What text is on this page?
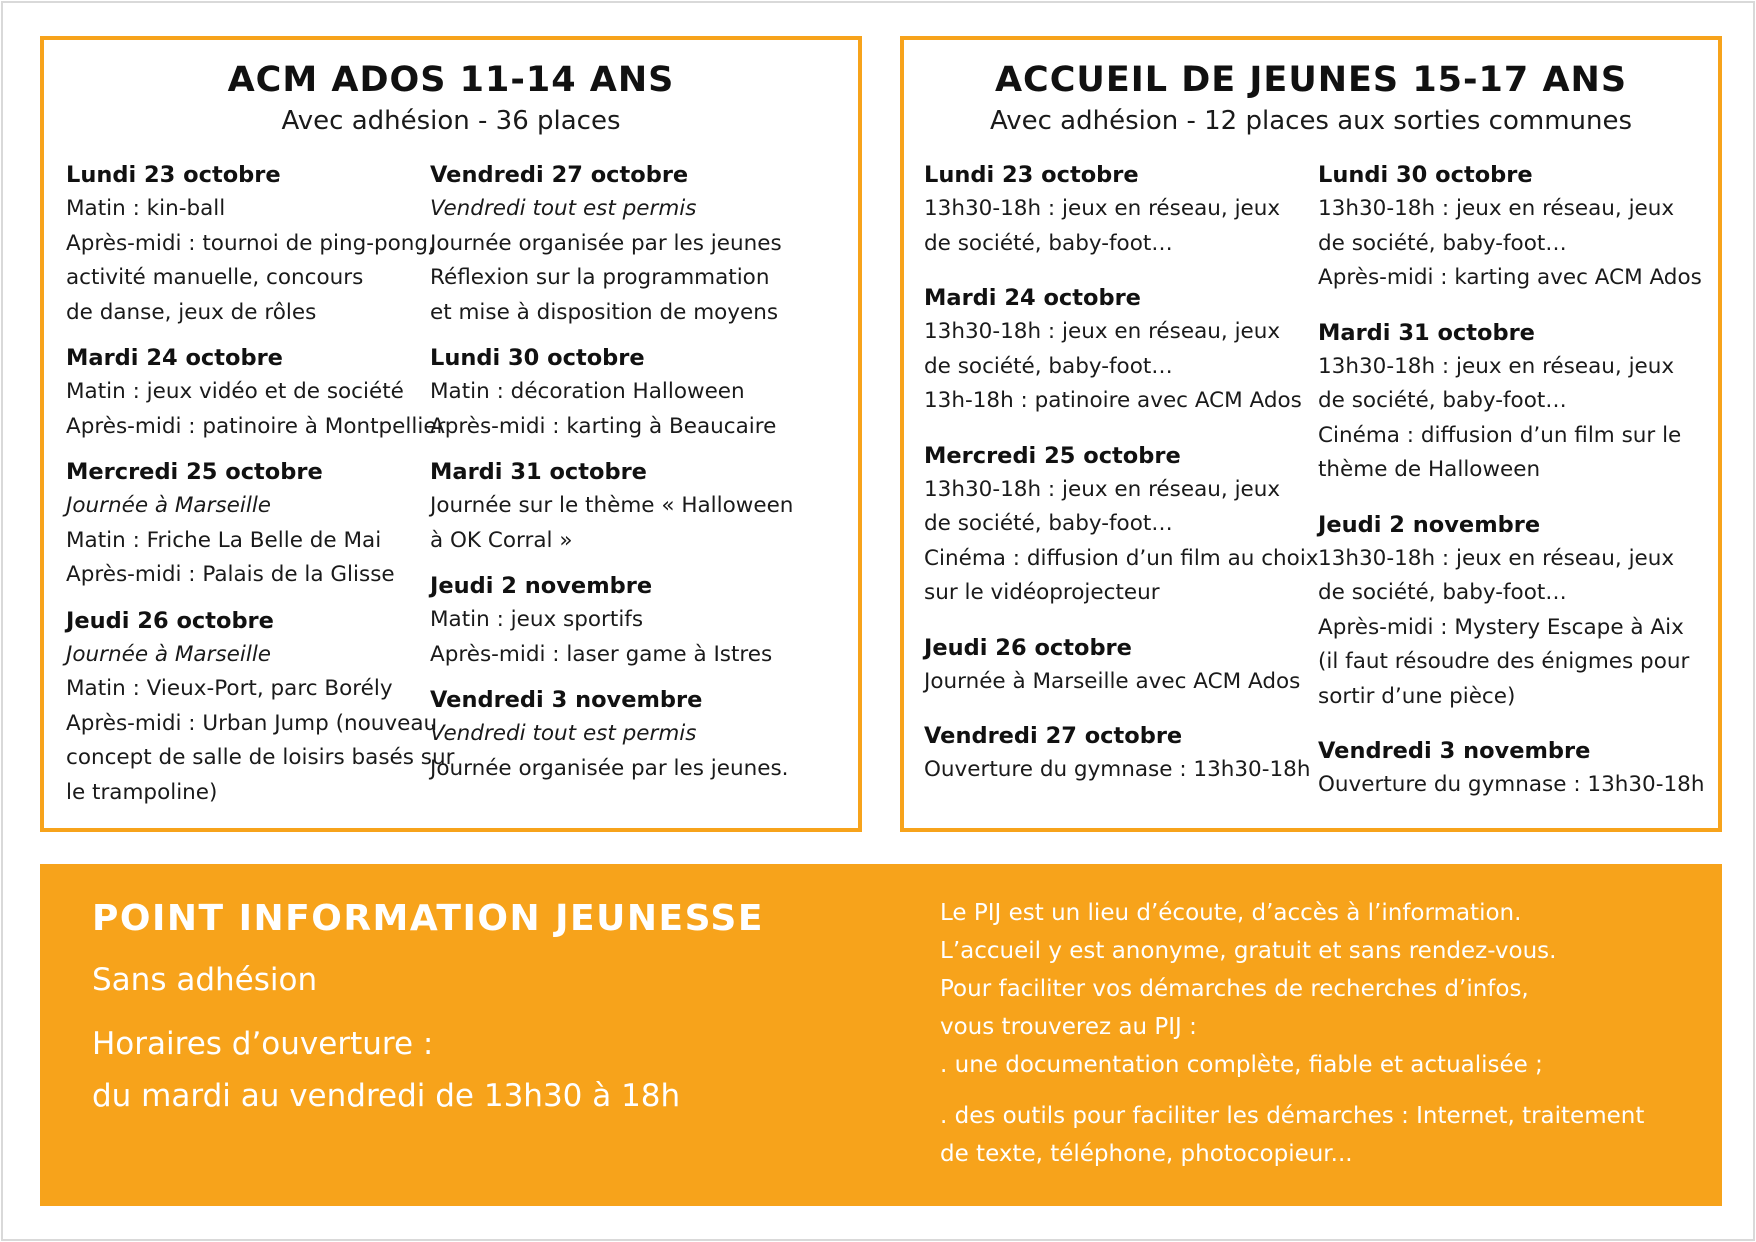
ACM ADOS 11-14 ANS
Avec adhésion - 36 places
Lundi 23 octobre
Matin : kin-ball
Après-midi : tournoi de ping-pong,
activité manuelle, concours
de danse, jeux de rôles
Mardi 24 octobre
Matin : jeux vidéo et de société
Après-midi : patinoire à Montpellier
Mercredi 25 octobre
Journée à Marseille
Matin : Friche La Belle de Mai
Après-midi : Palais de la Glisse
Jeudi 26 octobre
Journée à Marseille
Matin : Vieux-Port, parc Borély
Après-midi : Urban Jump (nouveau
concept de salle de loisirs basés sur
le trampoline)
Vendredi 27 octobre
Vendredi tout est permis
Journée organisée par les jeunes
Réflexion sur la programmation
et mise à disposition de moyens
Lundi 30 octobre
Matin : décoration Halloween
Après-midi : karting à Beaucaire
Mardi 31 octobre
Journée sur le thème « Halloween
à OK Corral »
Jeudi 2 novembre
Matin : jeux sportifs
Après-midi : laser game à Istres
Vendredi 3 novembre
Vendredi tout est permis
Journée organisée par les jeunes.
ACCUEIL DE JEUNES 15-17 ANS
Avec adhésion - 12 places aux sorties communes
Lundi 23 octobre
13h30-18h : jeux en réseau, jeux
de société, baby-foot…
Mardi 24 octobre
13h30-18h : jeux en réseau, jeux
de société, baby-foot…
13h-18h : patinoire avec ACM Ados
Mercredi 25 octobre
13h30-18h : jeux en réseau, jeux
de société, baby-foot…
Cinéma : diffusion d’un film au choix
sur le vidéoprojecteur
Jeudi 26 octobre
Journée à Marseille avec ACM Ados
Vendredi 27 octobre
Ouverture du gymnase : 13h30-18h
Lundi 30 octobre
13h30-18h : jeux en réseau, jeux
de société, baby-foot…
Après-midi : karting avec ACM Ados
Mardi 31 octobre
13h30-18h : jeux en réseau, jeux
de société, baby-foot…
Cinéma : diffusion d’un film sur le
thème de Halloween
Jeudi 2 novembre
13h30-18h : jeux en réseau, jeux
de société, baby-foot…
Après-midi : Mystery Escape à Aix
(il faut résoudre des énigmes pour
sortir d’une pièce)
Vendredi 3 novembre
Ouverture du gymnase : 13h30-18h
POINT INFORMATION JEUNESSE
Sans adhésion
Horaires d’ouverture :
du mardi au vendredi de 13h30 à 18h
Le PIJ est un lieu d’écoute, d’accès à l’information.
L’accueil y est anonyme, gratuit et sans rendez-vous.
Pour faciliter vos démarches de recherches d’infos,
vous trouverez au PIJ :
. une documentation complète, fiable et actualisée ;
. des outils pour faciliter les démarches : Internet, traitement
de texte, téléphone, photocopieur...
